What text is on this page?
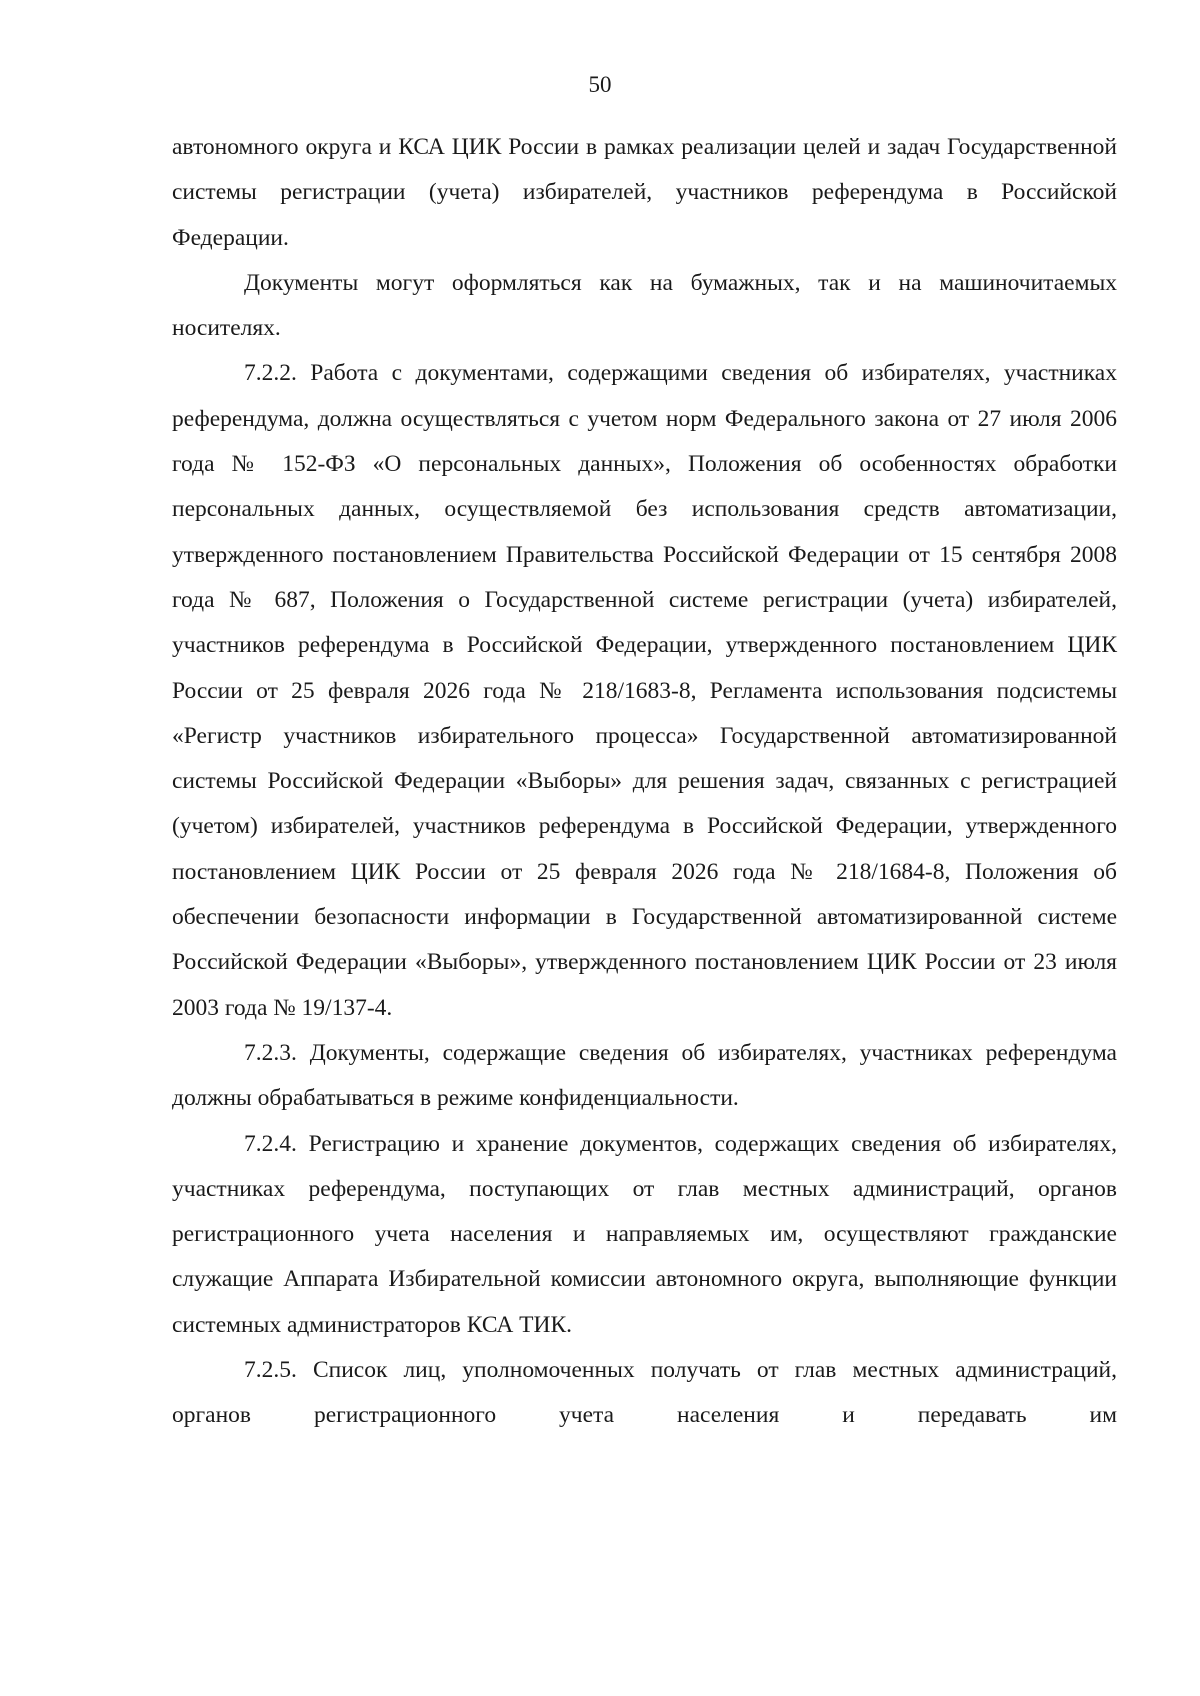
50

автономного округа и КСА ЦИК России в рамках реализации целей и задач Государственной системы регистрации (учета) избирателей, участников референдума в Российской Федерации.

Документы могут оформляться как на бумажных, так и на машиночитаемых носителях.

7.2.2. Работа с документами, содержащими сведения об избирателях, участниках референдума, должна осуществляться с учетом норм Федерального закона от 27 июля 2006 года № 152-ФЗ «О персональных данных», Положения об особенностях обработки персональных данных, осуществляемой без использования средств автоматизации, утвержденного постановлением Правительства Российской Федерации от 15 сентября 2008 года № 687, Положения о Государственной системе регистрации (учета) избирателей, участников референдума в Российской Федерации, утвержденного постановлением ЦИК России от 25 февраля 2026 года № 218/1683-8, Регламента использования подсистемы «Регистр участников избирательного процесса» Государственной автоматизированной системы Российской Федерации «Выборы» для решения задач, связанных с регистрацией (учетом) избирателей, участников референдума в Российской Федерации, утвержденного постановлением ЦИК России от 25 февраля 2026 года № 218/1684-8, Положения об обеспечении безопасности информации в Государственной автоматизированной системе Российской Федерации «Выборы», утвержденного постановлением ЦИК России от 23 июля 2003 года № 19/137-4.

7.2.3. Документы, содержащие сведения об избирателях, участниках референдума должны обрабатываться в режиме конфиденциальности.

7.2.4. Регистрацию и хранение документов, содержащих сведения об избирателях, участниках референдума, поступающих от глав местных администраций, органов регистрационного учета населения и направляемых им, осуществляют гражданские служащие Аппарата Избирательной комиссии автономного округа, выполняющие функции системных администраторов КСА ТИК.

7.2.5. Список лиц, уполномоченных получать от глав местных администраций, органов регистрационного учета населения и передавать им
